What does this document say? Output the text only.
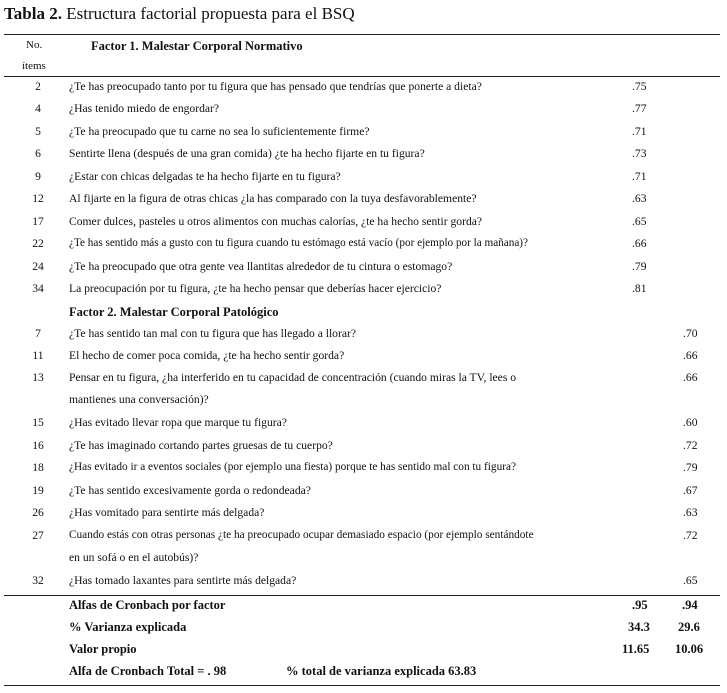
Tabla 2. Estructura factorial propuesta para el BSQ
No.
ítems
Factor 1. Malestar Corporal Normativo
2	¿Te has preocupado tanto por tu figura que has pensado que tendrías que ponerte a dieta?	.75
4	¿Has tenido miedo de engordar?	.77
5	¿Te ha preocupado que tu carne no sea lo suficientemente firme?	.71
6	Sentirte llena (después de una gran comida) ¿te ha hecho fijarte en tu figura?	.73
9	¿Estar con chicas delgadas te ha hecho fijarte en tu figura?	.71
12	Al fijarte en la figura de otras chicas ¿la has comparado con la tuya desfavorablemente?	.63
17	Comer dulces, pasteles u otros alimentos con muchas calorías, ¿te ha hecho sentir gorda?	.65
22	¿Te has sentido más a gusto con tu figura cuando tu estómago está vacío (por ejemplo por la mañana)?	.66
24	¿Te ha preocupado que otra gente vea llantitas alrededor de tu cintura o estomago?	.79
34	La preocupación por tu figura, ¿te ha hecho pensar que deberías hacer ejercicio?	.81
Factor 2. Malestar Corporal Patológico
7	¿Te has sentido tan mal con tu figura que has llegado a llorar?	.70
11	El hecho de comer poca comida, ¿te ha hecho sentir gorda?	.66
13	Pensar en tu figura, ¿ha interferido en tu capacidad de concentración (cuando miras la TV, lees o
mantienes una conversación)?
.66
15	¿Has evitado llevar ropa que marque tu figura?	.60
16	¿Te has imaginado cortando partes gruesas de tu cuerpo?	.72
18	¿Has evitado ir a eventos sociales (por ejemplo una fiesta) porque te has sentido mal con tu figura?	.79
19	¿Te has sentido excesivamente gorda o redondeada?	.67
26	¿Has vomitado para sentirte más delgada?	.63
27	Cuando estás con otras personas ¿te ha preocupado ocupar demasiado espacio (por ejemplo sentándote
en un sofá o en el autobús)?
.72
32	¿Has tomado laxantes para sentirte más delgada?	.65
Alfas de Cronbach por factor	.95	.94
% Varianza explicada	34.3 29.6
Valor propio	11.65 10.06
Alfa de Cronbach Total = . 98	% total de varianza explicada 63.83
